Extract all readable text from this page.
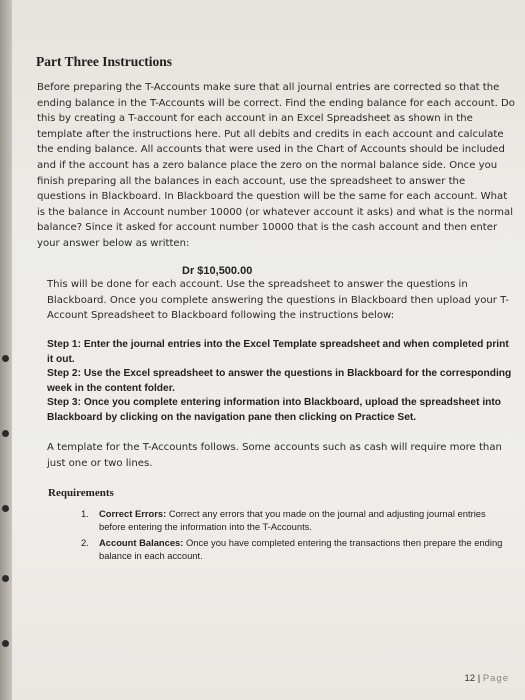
Part Three Instructions

Before preparing the T-Accounts make sure that all journal entries are corrected so that the ending balance in the T-Accounts will be correct. Find the ending balance for each account. Do this by creating a T-account for each account in an Excel Spreadsheet as shown in the template after the instructions here. Put all debits and credits in each account and calculate the ending balance. All accounts that were used in the Chart of Accounts should be included and if the account has a zero balance place the zero on the normal balance side. Once you finish preparing all the balances in each account, use the spreadsheet to answer the questions in Blackboard. In Blackboard the question will be the same for each account. What is the balance in Account number 10000 (or whatever account it asks) and what is the normal balance? Since it asked for account number 10000 that is the cash account and then enter your answer below as written:

Dr $10,500.00

This will be done for each account. Use the spreadsheet to answer the questions in Blackboard. Once you complete answering the questions in Blackboard then upload your T-Account Spreadsheet to Blackboard following the instructions below:

Step 1: Enter the journal entries into the Excel Template spreadsheet and when completed print it out.

Step 2: Use the Excel spreadsheet to answer the questions in Blackboard for the corresponding week in the content folder.

Step 3: Once you complete entering information into Blackboard, upload the spreadsheet into Blackboard by clicking on the navigation pane then clicking on Practice Set.

A template for the T-Accounts follows. Some accounts such as cash will require more than just one or two lines.

Requirements
1. Correct Errors: Correct any errors that you made on the journal and adjusting journal entries before entering the information into the T-Accounts.
2. Account Balances: Once you have completed entering the transactions then prepare the ending balance in each account.
12 | Page
